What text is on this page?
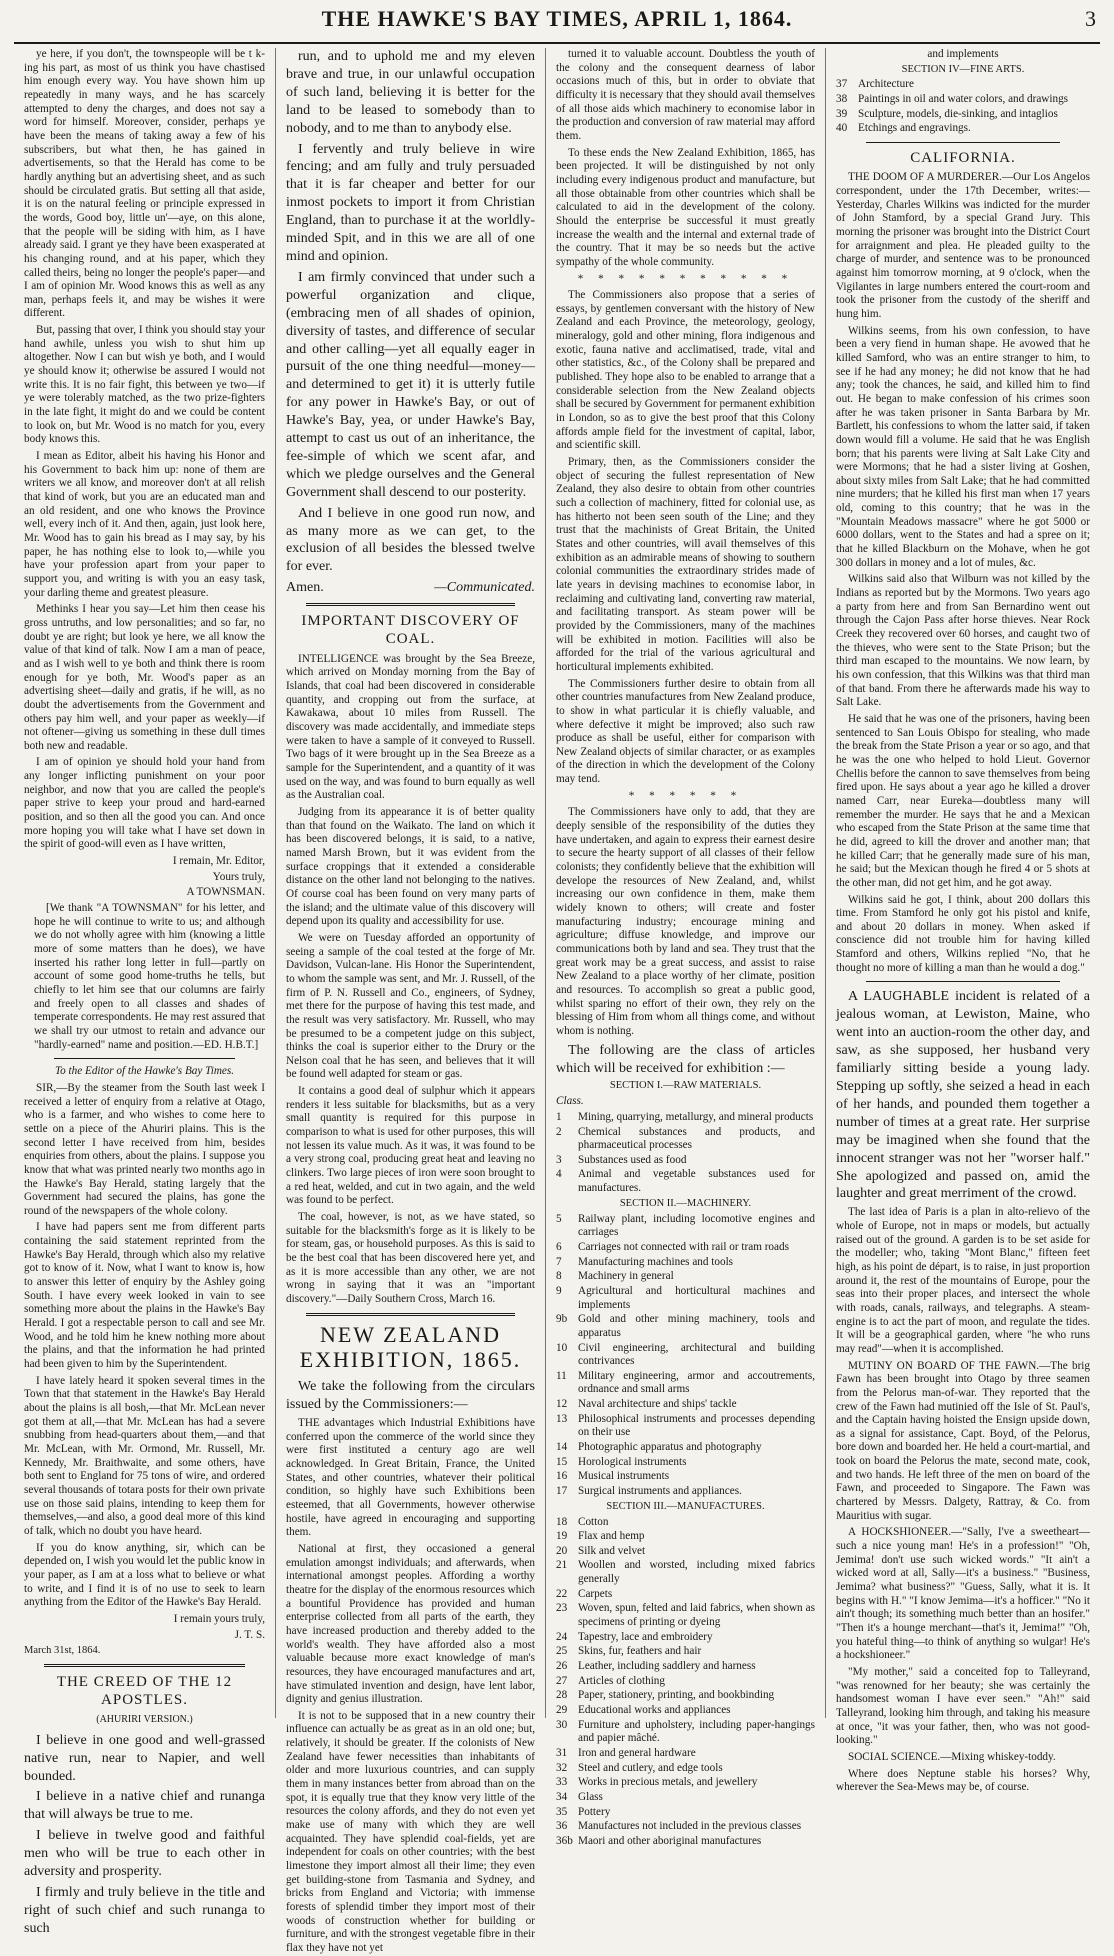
THE HAWKE'S BAY TIMES, APRIL 1, 1864.	3

ye here, if you don't, the townspeople will be t k-ing his part, as most of us think you have chastised him enough every way. You have shown him up repeatedly in many ways, and he has scarcely attempted to deny the charges, and does not say a word for himself. Moreover, consider, perhaps ye have been the means of taking away a few of his subscribers, but what then, he has gained in advertisements, so that the Herald has come to be hardly anything but an advertising sheet, and as such should be circulated gratis. But setting all that aside, it is on the natural feeling or principle expressed in the words, Good boy, little un'—aye, on this alone, that the people will be siding with him, as I have already said. I grant ye they have been exasperated at his changing round, and at his paper, which they called theirs, being no longer the people's paper—and I am of opinion Mr. Wood knows this as well as any man, perhaps feels it, and may be wishes it were different.

But, passing that over, I think you should stay your hand awhile, unless you wish to shut him up altogether. Now I can but wish ye both, and I would ye should know it; otherwise be assured I would not write this. It is no fair fight, this between ye two—if ye were tolerably matched, as the two prize-fighters in the late fight, it might do and we could be content to look on, but Mr. Wood is no match for you, every body knows this.

I mean as Editor, albeit his having his Honor and his Government to back him up: none of them are writers we all know, and moreover don't at all relish that kind of work, but you are an educated man and an old resident, and one who knows the Province well, every inch of it. And then, again, just look here, Mr. Wood has to gain his bread as I may say, by his paper, he has nothing else to look to,—while you have your profession apart from your paper to support you, and writing is with you an easy task, your darling theme and greatest pleasure.

Methinks I hear you say—Let him then cease his gross untruths, and low personalities; and so far, no doubt ye are right; but look ye here, we all know the value of that kind of talk. Now I am a man of peace, and as I wish well to ye both and think there is room enough for ye both, Mr. Wood's paper as an advertising sheet—daily and gratis, if he will, as no doubt the advertisements from the Government and others pay him well, and your paper as weekly—if not oftener—giving us something in these dull times both new and readable.

I am of opinion ye should hold your hand from any longer inflicting punishment on your poor neighbor, and now that you are called the people's paper strive to keep your proud and hard-earned position, and so then all the good you can. And once more hoping you will take what I have set down in the spirit of good-will even as I have written,

I remain, Mr. Editor,
Yours truly,
A TOWNSMAN.

[We thank "A TOWNSMAN" for his letter, and hope he will continue to write to us; and although we do not wholly agree with him (knowing a little more of some matters than he does), we have inserted his rather long letter in full—partly on account of some good home-truths he tells, but chiefly to let him see that our columns are fairly and freely open to all classes and shades of temperate correspondents. He may rest assured that we shall try our utmost to retain and advance our "hardly-earned" name and position.—ED. H.B.T.]

To the Editor of the Hawke's Bay Times.

SIR,—By the steamer from the South last week I received a letter of enquiry from a relative at Otago, who is a farmer, and who wishes to come here to settle on a piece of the Ahuriri plains. This is the second letter I have received from him, besides enquiries from others, about the plains. I suppose you know that what was printed nearly two months ago in the Hawke's Bay Herald, stating largely that the Government had secured the plains, has gone the round of the newspapers of the whole colony.

I have had papers sent me from different parts containing the said statement reprinted from the Hawke's Bay Herald, through which also my relative got to know of it. Now, what I want to know is, how to answer this letter of enquiry by the Ashley going South. I have every week looked in vain to see something more about the plains in the Hawke's Bay Herald. I got a respectable person to call and see Mr. Wood, and he told him he knew nothing more about the plains, and that the information he had printed had been given to him by the Superintendent.

I have lately heard it spoken several times in the Town that that statement in the Hawke's Bay Herald about the plains is all bosh,—that Mr. McLean never got them at all,—that Mr. McLean has had a severe snubbing from head-quarters about them,—and that Mr. McLean, with Mr. Ormond, Mr. Russell, Mr. Kennedy, Mr. Braithwaite, and some others, have both sent to England for 75 tons of wire, and ordered several thousands of totara posts for their own private use on those said plains, intending to keep them for themselves,—and also, a good deal more of this kind of talk, which no doubt you have heard.

If you do know anything, sir, which can be depended on, I wish you would let the public know in your paper, as I am at a loss what to believe or what to write, and I find it is of no use to seek to learn anything from the Editor of the Hawke's Bay Herald.

I remain yours truly,
J. T. S.
March 31st, 1864.
THE CREED OF THE 12 APOSTLES.
(AHURIRI VERSION.)

I believe in one good and well-grassed native run, near to Napier, and well bounded.

I believe in a native chief and runanga that will always be true to me.

I believe in twelve good and faithful men who will be true to each other in adversity and prosperity.

I firmly and truly believe in the title and right of such chief and such runanga to such

run, and to uphold me and my eleven brave and true, in our unlawful occupation of such land, believing it is better for the land to be leased to somebody than to nobody, and to me than to anybody else.

I fervently and truly believe in wire fencing; and am fully and truly persuaded that it is far cheaper and better for our inmost pockets to import it from Christian England, than to purchase it at the worldly-minded Spit, and in this we are all of one mind and opinion.

I am firmly convinced that under such a powerful organization and clique, (embracing men of all shades of opinion, diversity of tastes, and difference of secular and other calling—yet all equally eager in pursuit of the one thing needful—money—and determined to get it) it is utterly futile for any power in Hawke's Bay, or out of Hawke's Bay, yea, or under Hawke's Bay, attempt to cast us out of an inheritance, the fee-simple of which we scent afar, and which we pledge ourselves and the General Government shall descend to our posterity.

And I believe in one good run now, and as many more as we can get, to the exclusion of all besides the blessed twelve for ever.

Amen.	—Communicated.
IMPORTANT DISCOVERY OF COAL.

INTELLIGENCE was brought by the Sea Breeze, which arrived on Monday morning from the Bay of Islands, that coal had been discovered in considerable quantity, and cropping out from the surface, at Kawakawa, about 10 miles from Russell. The discovery was made accidentally, and immediate steps were taken to have a sample of it conveyed to Russell. Two bags of it were brought up in the Sea Breeze as a sample for the Superintendent, and a quantity of it was used on the way, and was found to burn equally as well as the Australian coal.

Judging from its appearance it is of better quality than that found on the Waikato. The land on which it has been discovered belongs, it is said, to a native, named Marsh Brown, but it was evident from the surface croppings that it extended a considerable distance on the other land not belonging to the natives. Of course coal has been found on very many parts of the island; and the ultimate value of this discovery will depend upon its quality and accessibility for use.

We were on Tuesday afforded an opportunity of seeing a sample of the coal tested at the forge of Mr. Davidson, Vulcan-lane. His Honor the Superintendent, to whom the sample was sent, and Mr. J. Russell, of the firm of P. N. Russell and Co., engineers, of Sydney, met there for the purpose of having this test made, and the result was very satisfactory. Mr. Russell, who may be presumed to be a competent judge on this subject, thinks the coal is superior either to the Drury or the Nelson coal that he has seen, and believes that it will be found well adapted for steam or gas.

It contains a good deal of sulphur which it appears renders it less suitable for blacksmiths, but as a very small quantity is required for this purpose in comparison to what is used for other purposes, this will not lessen its value much. As it was, it was found to be a very strong coal, producing great heat and leaving no clinkers. Two large pieces of iron were soon brought to a red heat, welded, and cut in two again, and the weld was found to be perfect.

The coal, however, is not, as we have stated, so suitable for the blacksmith's forge as it is likely to be for steam, gas, or household purposes. As this is said to be the best coal that has been discovered here yet, and as it is more accessible than any other, we are not wrong in saying that it was an "important discovery."—Daily Southern Cross, March 16.

NEW ZEALAND EXHIBITION, 1865.

We take the following from the circulars issued by the Commissioners:—

THE advantages which Industrial Exhibitions have conferred upon the commerce of the world since they were first instituted a century ago are well acknowledged. In Great Britain, France, the United States, and other countries, whatever their political condition, so highly have such Exhibitions been esteemed, that all Governments, however otherwise hostile, have agreed in encouraging and supporting them.

National at first, they occasioned a general emulation amongst individuals; and afterwards, when international amongst peoples. Affording a worthy theatre for the display of the enormous resources which a bountiful Providence has provided and human enterprise collected from all parts of the earth, they have increased production and thereby added to the world's wealth. They have afforded also a most valuable because more exact knowledge of man's resources, they have encouraged manufactures and art, have stimulated invention and design, have lent labor, dignity and genius illustration.

It is not to be supposed that in a new country their influence can actually be as great as in an old one; but, relatively, it should be greater. If the colonists of New Zealand have fewer necessities than inhabitants of older and more luxurious countries, and can supply them in many instances better from abroad than on the spot, it is equally true that they know very little of the resources the colony affords, and they do not even yet make use of many with which they are well acquainted. They have splendid coal-fields, yet are independent for coals on other countries; with the best limestone they import almost all their lime; they even get building-stone from Tasmania and Sydney, and bricks from England and Victoria; with immense forests of splendid timber they import most of their woods of construction whether for building or furniture, and with the strongest vegetable fibre in their flax they have not yet

turned it to valuable account. Doubtless the youth of the colony and the consequent dearness of labor occasions much of this, but in order to obviate that difficulty it is necessary that they should avail themselves of all those aids which machinery to economise labor in the production and conversion of raw material may afford them.

To these ends the New Zealand Exhibition, 1865, has been projected. It will be distinguished by not only including every indigenous product and manufacture, but all those obtainable from other countries which shall be calculated to aid in the development of the colony. Should the enterprise be successful it must greatly increase the wealth and the internal and external trade of the country. That it may be so needs but the active sympathy of the whole community.

* * * * * * * * * * *

The Commissioners also propose that a series of essays, by gentlemen conversant with the history of New Zealand and each Province, the meteorology, geology, mineralogy, gold and other mining, flora indigenous and exotic, fauna native and acclimatised, trade, vital and other statistics, &c., of the Colony shall be prepared and published. They hope also to be enabled to arrange that a considerable selection from the New Zealand objects shall be secured by Government for permanent exhibition in London, so as to give the best proof that this Colony affords ample field for the investment of capital, labor, and scientific skill.

Primary, then, as the Commissioners consider the object of securing the fullest representation of New Zealand, they also desire to obtain from other countries such a collection of machinery, fitted for colonial use, as has hitherto not been seen south of the Line; and they trust that the machinists of Great Britain, the United States and other countries, will avail themselves of this exhibition as an admirable means of showing to southern colonial communities the extraordinary strides made of late years in devising machines to economise labor, in reclaiming and cultivating land, converting raw material, and facilitating transport. As steam power will be provided by the Commissioners, many of the machines will be exhibited in motion. Facilities will also be afforded for the trial of the various agricultural and horticultural implements exhibited.

The Commissioners further desire to obtain from all other countries manufactures from New Zealand produce, to show in what particular it is chiefly valuable, and where defective it might be improved; also such raw produce as shall be useful, either for comparison with New Zealand objects of similar character, or as examples of the direction in which the development of the Colony may tend.

* * * * * *

The Commissioners have only to add, that they are deeply sensible of the responsibility of the duties they have undertaken, and again to express their earnest desire to secure the hearty support of all classes of their fellow colonists; they confidently believe that the exhibition will develope the resources of New Zealand, and, whilst increasing our own confidence in them, make them widely known to others; will create and foster manufacturing industry; encourage mining and agriculture; diffuse knowledge, and improve our communications both by land and sea. They trust that the great work may be a great success, and assist to raise New Zealand to a place worthy of her climate, position and resources. To accomplish so great a public good, whilst sparing no effort of their own, they rely on the blessing of Him from whom all things come, and without whom is nothing.

The following are the class of articles which will be received for exhibition :—

SECTION I.—RAW MATERIALS.
Class.
1	Mining, quarrying, metallurgy, and mineral products
2	Chemical substances and products, and pharmaceutical processes
3	Substances used as food
4	Animal and vegetable substances used for manufactures.
SECTION II.—MACHINERY.
5	Railway plant, including locomotive engines and carriages
6	Carriages not connected with rail or tram roads
7	Manufacturing machines and tools
8	Machinery in general
9	Agricultural and horticultural machines and implements
9b Gold and other mining machinery, tools and apparatus
10 Civil engineering, architectural and building contrivances
11	Military engineering, armor and accoutrements, ordnance and small arms
12 Naval architecture and ships' tackle
13 Philosophical instruments and processes depending on their use
14 Photographic apparatus and photography
15 Horological instruments
16 Musical instruments
17 Surgical instruments and appliances.
SECTION III.—MANUFACTURES.
18 Cotton
19 Flax and hemp
20 Silk and velvet
21 Woollen and worsted, including mixed fabrics generally
22 Carpets
23 Woven, spun, felted and laid fabrics, when shown as specimens of printing or dyeing
24 Tapestry, lace and embroidery
25 Skins, fur, feathers and hair
26 Leather, including saddlery and harness
27 Articles of clothing
28 Paper, stationery, printing, and bookbinding
29 Educational works and appliances
30 Furniture and upholstery, including paper-hangings and papier mâché.
31 Iron and general hardware
32 Steel and cutlery, and edge tools
33 Works in precious metals, and jewellery
34 Glass
35 Pottery
36 Manufactures not included in the previous classes
36b Maori and other aboriginal manufactures
and implements
SECTION IV—FINE ARTS.
37 Architecture
38 Paintings in oil and water colors, and drawings
39 Sculpture, models, die-sinking, and intaglios
40 Etchings and engravings.
CALIFORNIA.

THE DOOM OF A MURDERER.—Our Los Angelos correspondent, under the 17th December, writes:—Yesterday, Charles Wilkins was indicted for the murder of John Stamford, by a special Grand Jury. This morning the prisoner was brought into the District Court for arraignment and plea. He pleaded guilty to the charge of murder, and sentence was to be pronounced against him tomorrow morning, at 9 o'clock, when the Vigilantes in large numbers entered the court-room and took the prisoner from the custody of the sheriff and hung him.

Wilkins seems, from his own confession, to have been a very fiend in human shape. He avowed that he killed Samford, who was an entire stranger to him, to see if he had any money; he did not know that he had any; took the chances, he said, and killed him to find out. He began to make confession of his crimes soon after he was taken prisoner in Santa Barbara by Mr. Bartlett, his confessions to whom the latter said, if taken down would fill a volume. He said that he was English born; that his parents were living at Salt Lake City and were Mormons; that he had a sister living at Goshen, about sixty miles from Salt Lake; that he had committed nine murders; that he killed his first man when 17 years old, coming to this country; that he was in the "Mountain Meadows massacre" where he got 5000 or 6000 dollars, went to the States and had a spree on it; that he killed Blackburn on the Mohave, when he got 300 dollars in money and a lot of mules, &c.

Wilkins said also that Wilburn was not killed by the Indians as reported but by the Mormons. Two years ago a party from here and from San Bernardino went out through the Cajon Pass after horse thieves. Near Rock Creek they recovered over 60 horses, and caught two of the thieves, who were sent to the State Prison; but the third man escaped to the mountains. We now learn, by his own confession, that this Wilkins was that third man of that band. From there he afterwards made his way to Salt Lake.

He said that he was one of the prisoners, having been sentenced to San Louis Obispo for stealing, who made the break from the State Prison a year or so ago, and that he was the one who helped to hold Lieut. Governor Chellis before the cannon to save themselves from being fired upon. He says about a year ago he killed a drover named Carr, near Eureka—doubtless many will remember the murder. He says that he and a Mexican who escaped from the State Prison at the same time that he did, agreed to kill the drover and another man; that he killed Carr; that he generally made sure of his man, he said; but the Mexican though he fired 4 or 5 shots at the other man, did not get him, and he got away.

Wilkins said he got, I think, about 200 dollars this time. From Stamford he only got his pistol and knife, and about 20 dollars in money. When asked if conscience did not trouble him for having killed Stamford and others, Wilkins replied "No, that he thought no more of killing a man than he would a dog."

A LAUGHABLE incident is related of a jealous woman, at Lewiston, Maine, who went into an auction-room the other day, and saw, as she supposed, her husband very familiarly sitting beside a young lady. Stepping up softly, she seized a head in each of her hands, and pounded them together a number of times at a great rate. Her surprise may be imagined when she found that the innocent stranger was not her "worser half." She apologized and passed on, amid the laughter and great merriment of the crowd.

The last idea of Paris is a plan in alto-relievo of the whole of Europe, not in maps or models, but actually raised out of the ground. A garden is to be set aside for the modeller; who, taking "Mont Blanc," fifteen feet high, as his point de départ, is to raise, in just proportion around it, the rest of the mountains of Europe, pour the seas into their proper places, and intersect the whole with roads, canals, railways, and telegraphs. A steam-engine is to act the part of moon, and regulate the tides. It will be a geographical garden, where "he who runs may read"—when it is accomplished.

MUTINY ON BOARD OF THE FAWN.—The brig Fawn has been brought into Otago by three seamen from the Pelorus man-of-war. They reported that the crew of the Fawn had mutinied off the Isle of St. Paul's, and the Captain having hoisted the Ensign upside down, as a signal for assistance, Capt. Boyd, of the Pelorus, bore down and boarded her. He held a court-martial, and took on board the Pelorus the mate, second mate, cook, and two hands. He left three of the men on board of the Fawn, and proceeded to Singapore. The Fawn was chartered by Messrs. Dalgety, Rattray, & Co. from Mauritius with sugar.

A HOCKSHIONEER.—"Sally, I've a sweetheart—such a nice young man! He's in a profession!" "Oh, Jemima! don't use such wicked words." "It ain't a wicked word at all, Sally—it's a business." "Business, Jemima? what business?" "Guess, Sally, what it is. It begins with H." "I know Jemima—it's a hofficer." "No it ain't though; its something much better than an hosifer." "Then it's a hounge merchant—that's it, Jemima!" "Oh, you hateful thing—to think of anything so wulgar! He's a hockshioneer."

"My mother," said a conceited fop to Talleyrand, "was renowned for her beauty; she was certainly the handsomest woman I have ever seen." "Ah!" said Talleyrand, looking him through, and taking his measure at once, "it was your father, then, who was not good-looking."

SOCIAL SCIENCE.—Mixing whiskey-toddy.

Where does Neptune stable his horses? Why, wherever the Sea-Mews may be, of course.
